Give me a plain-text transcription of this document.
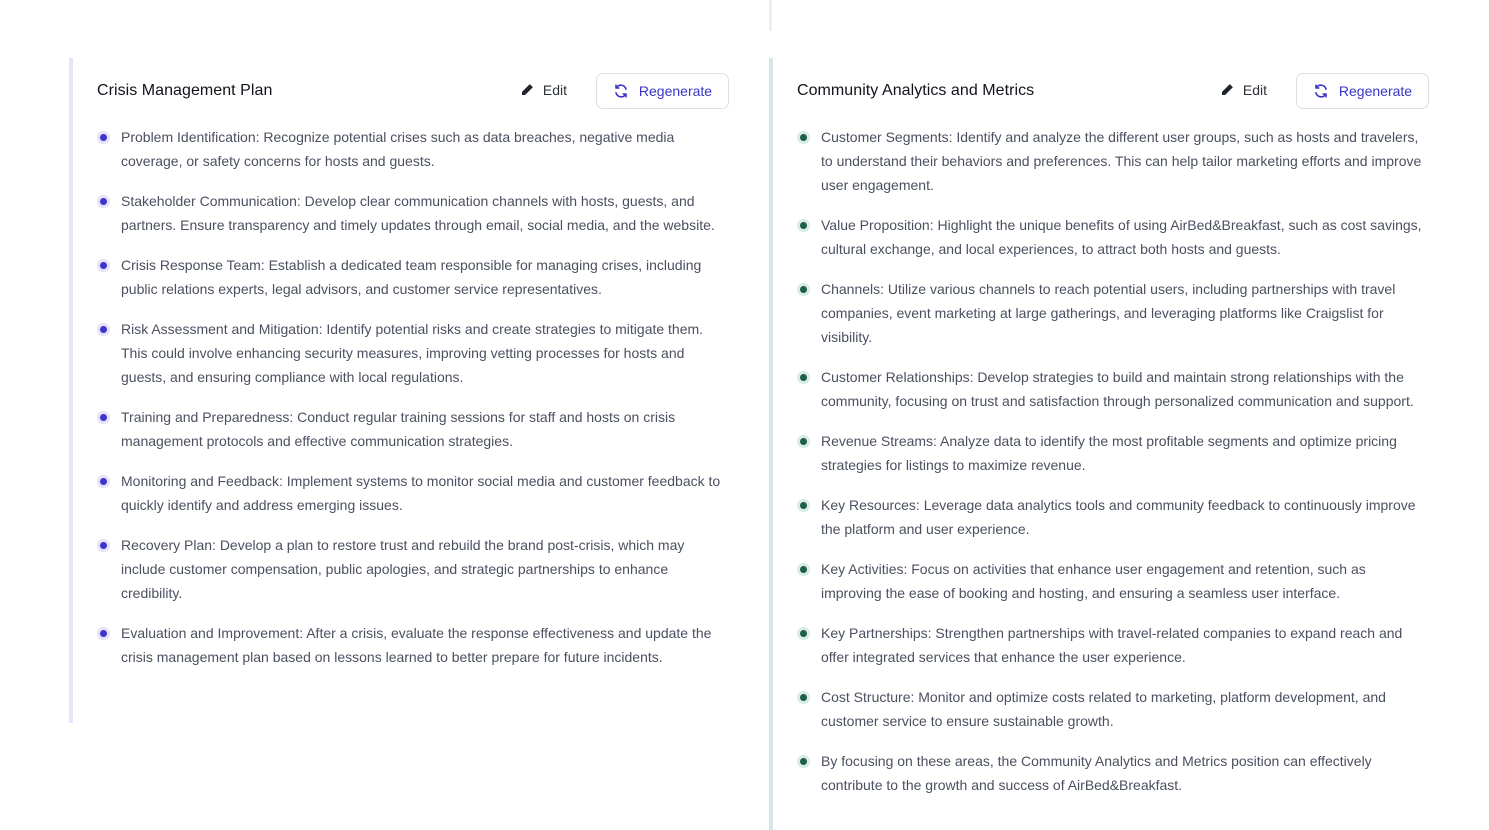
Crisis Management Plan	Edit	Regenerate
Problem Identification: Recognize potential crises such as data breaches, negative media coverage, or safety concerns for hosts and guests.
Stakeholder Communication: Develop clear communication channels with hosts, guests, and partners. Ensure transparency and timely updates through email, social media, and the website.
Crisis Response Team: Establish a dedicated team responsible for managing crises, including public relations experts, legal advisors, and customer service representatives.
Risk Assessment and Mitigation: Identify potential risks and create strategies to mitigate them. This could involve enhancing security measures, improving vetting processes for hosts and guests, and ensuring compliance with local regulations.
Training and Preparedness: Conduct regular training sessions for staff and hosts on crisis management protocols and effective communication strategies.
Monitoring and Feedback: Implement systems to monitor social media and customer feedback to quickly identify and address emerging issues.
Recovery Plan: Develop a plan to restore trust and rebuild the brand post-crisis, which may include customer compensation, public apologies, and strategic partnerships to enhance credibility.
Evaluation and Improvement: After a crisis, evaluate the response effectiveness and update the crisis management plan based on lessons learned to better prepare for future incidents.
Community Analytics and Metrics	Edit	Regenerate
Customer Segments: Identify and analyze the different user groups, such as hosts and travelers, to understand their behaviors and preferences. This can help tailor marketing efforts and improve user engagement.
Value Proposition: Highlight the unique benefits of using AirBed&Breakfast, such as cost savings, cultural exchange, and local experiences, to attract both hosts and guests.
Channels: Utilize various channels to reach potential users, including partnerships with travel companies, event marketing at large gatherings, and leveraging platforms like Craigslist for visibility.
Customer Relationships: Develop strategies to build and maintain strong relationships with the community, focusing on trust and satisfaction through personalized communication and support.
Revenue Streams: Analyze data to identify the most profitable segments and optimize pricing strategies for listings to maximize revenue.
Key Resources: Leverage data analytics tools and community feedback to continuously improve the platform and user experience.
Key Activities: Focus on activities that enhance user engagement and retention, such as improving the ease of booking and hosting, and ensuring a seamless user interface.
Key Partnerships: Strengthen partnerships with travel-related companies to expand reach and offer integrated services that enhance the user experience.
Cost Structure: Monitor and optimize costs related to marketing, platform development, and customer service to ensure sustainable growth.
By focusing on these areas, the Community Analytics and Metrics position can effectively contribute to the growth and success of AirBed&Breakfast.
